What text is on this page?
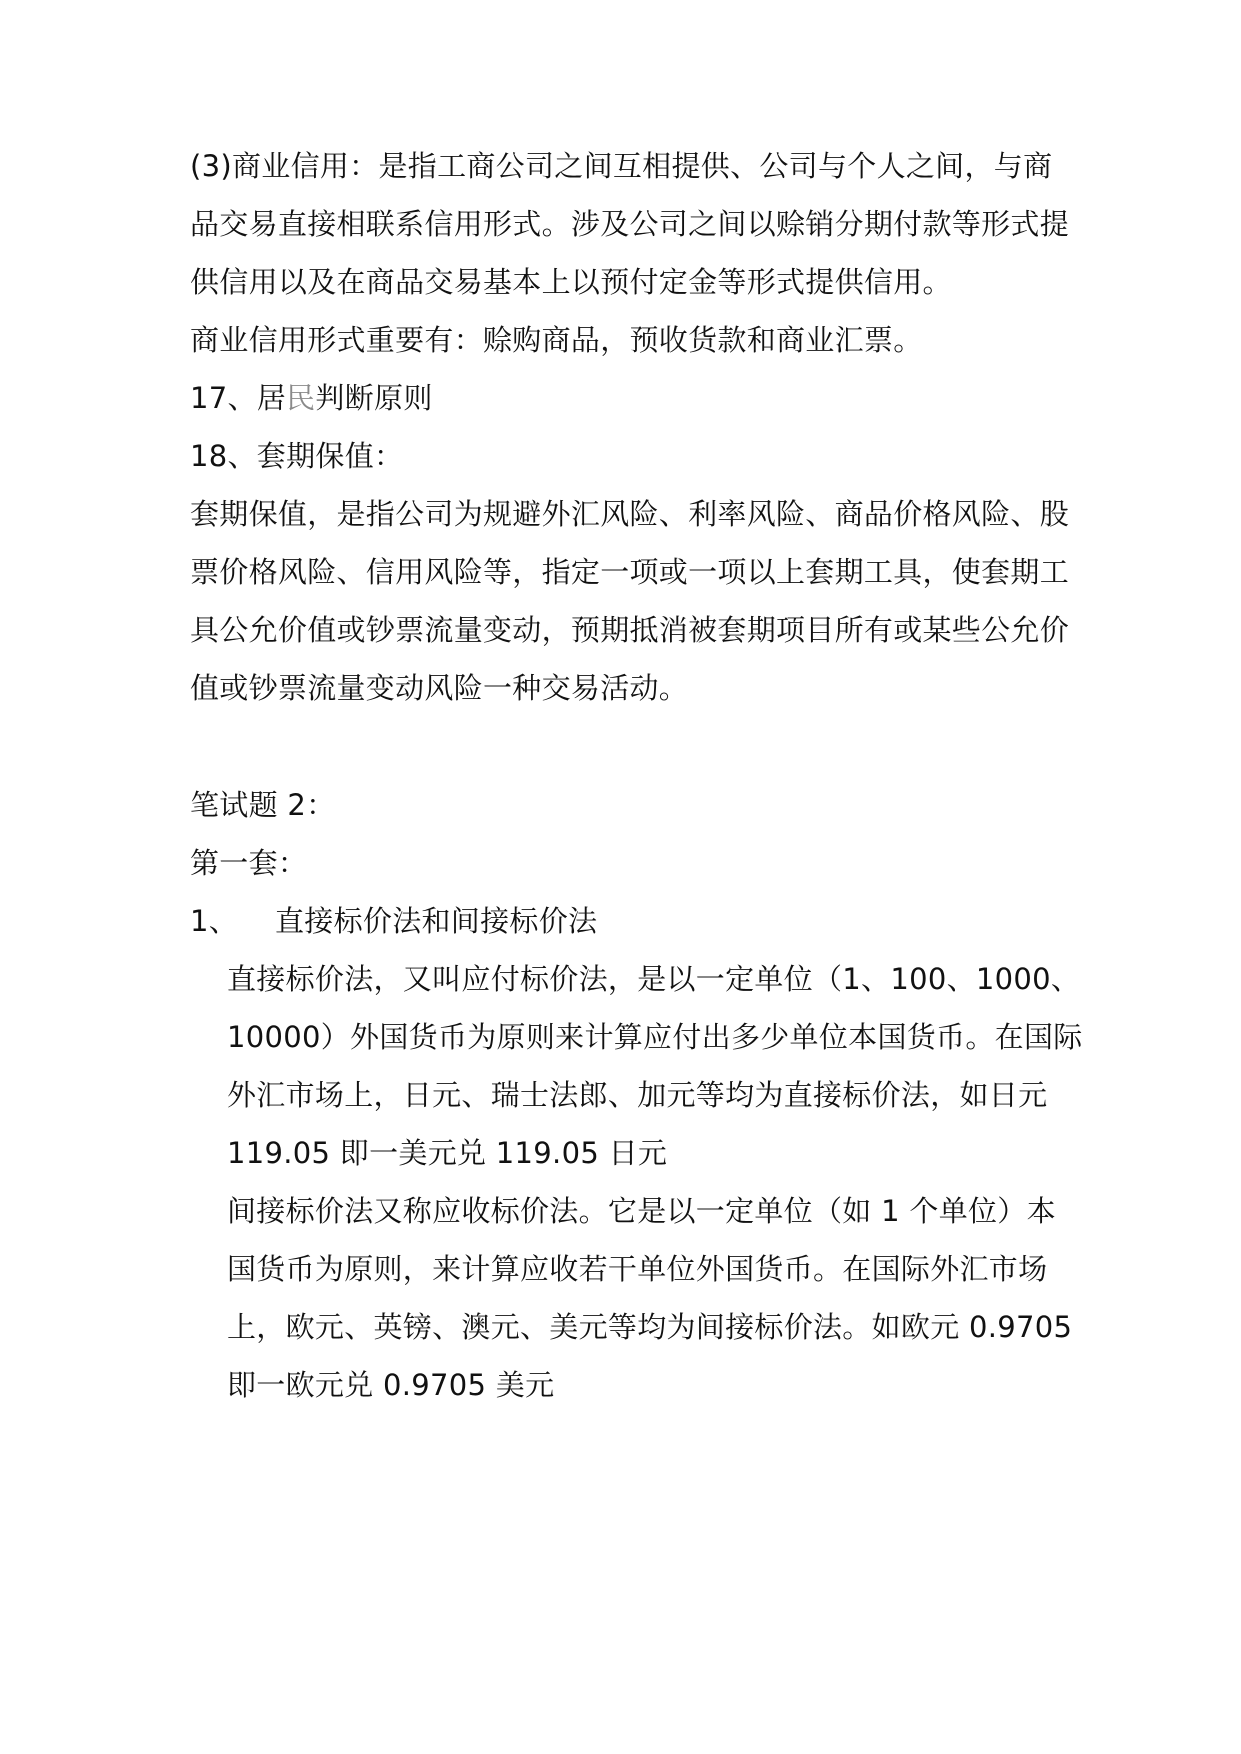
(3)商业信用：是指工商公司之间互相提供、公司与个人之间，与商
品交易直接相联系信用形式。涉及公司之间以赊销分期付款等形式提
供信用以及在商品交易基本上以预付定金等形式提供信用。
商业信用形式重要有：赊购商品，预收货款和商业汇票。
17、居民判断原则
18、套期保值：
套期保值，是指公司为规避外汇风险、利率风险、商品价格风险、股
票价格风险、信用风险等，指定一项或一项以上套期工具，使套期工
具公允价值或钞票流量变动，预期抵消被套期项目所有或某些公允价
值或钞票流量变动风险一种交易活动。
笔试题 2：
第一套：
1、 直接标价法和间接标价法
直接标价法，又叫应付标价法，是以一定单位（1、100、1000、
10000）外国货币为原则来计算应付出多少单位本国货币。在国际
外汇市场上，日元、瑞士法郎、加元等均为直接标价法，如日元
119.05 即一美元兑 119.05 日元
间接标价法又称应收标价法。它是以一定单位（如 1 个单位）本
国货币为原则，来计算应收若干单位外国货币。在国际外汇市场
上，欧元、英镑、澳元、美元等均为间接标价法。如欧元 0.9705
即一欧元兑 0.9705 美元
